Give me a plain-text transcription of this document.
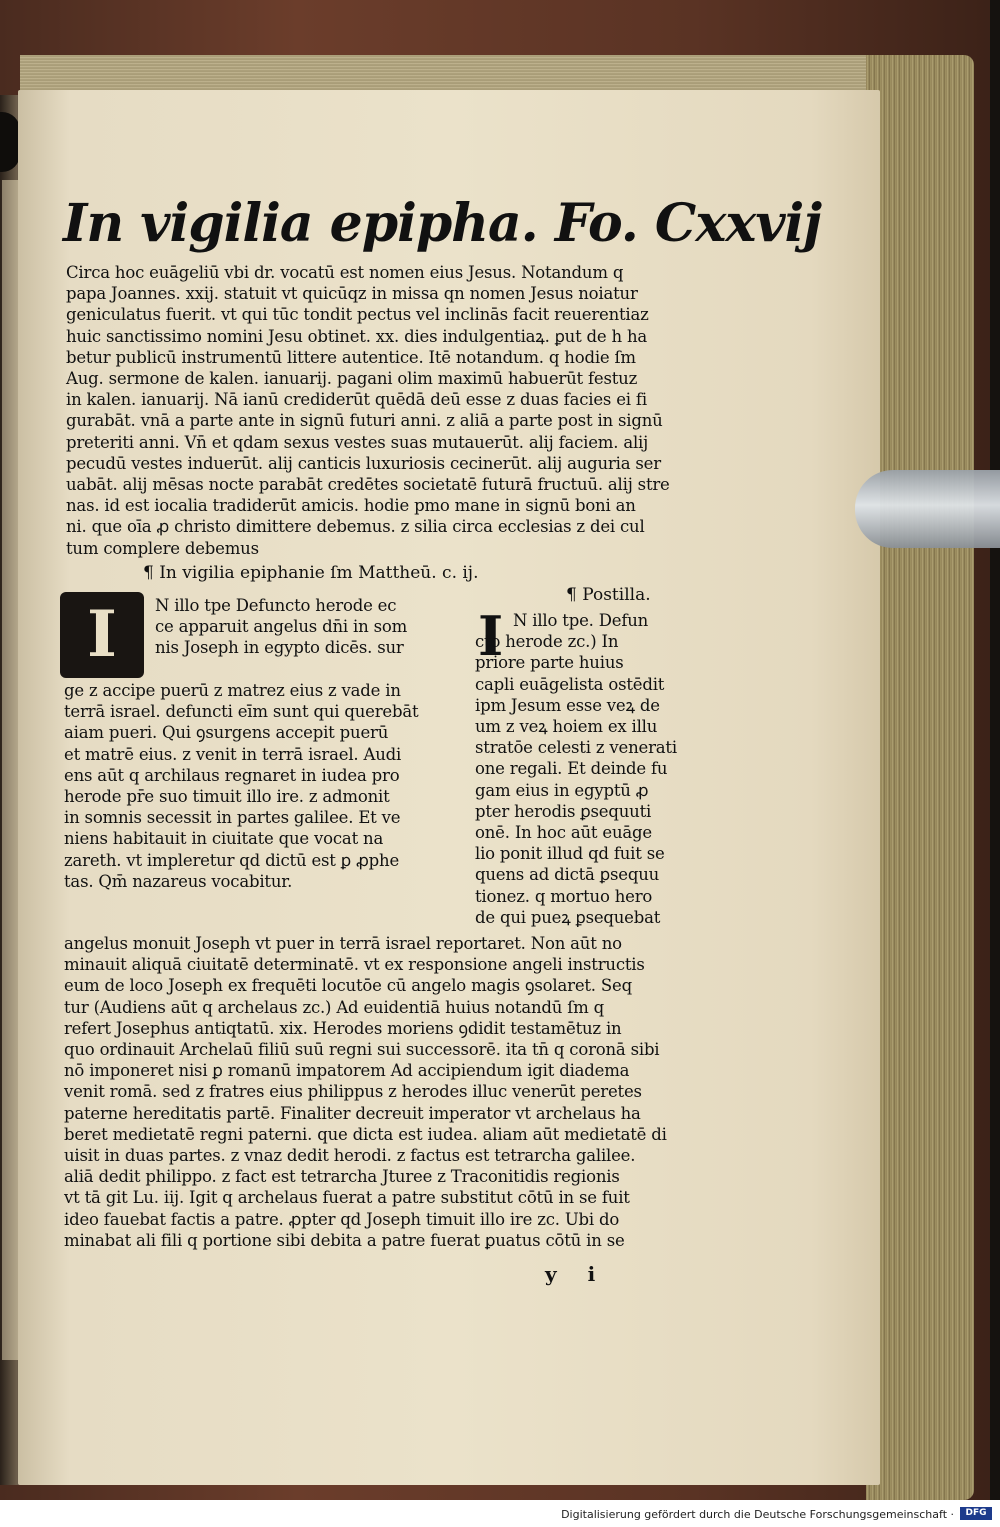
In vigilia epipha. Fo. Cxxvij
Circa hoc euāgeliū vbi dr. vocatū est nomen eius Jesus. Notandum q
papa Joannes. xxij. statuit vt quicūqz in missa qn nomen Jesus noiatur
geniculatus fuerit. vt qui tūc tondit pectus vel inclinās facit reuerentiaz
huic sanctissimo nomini Jesu obtinet. xx. dies indulgentiaꝝ. ꝑut de h ha
betur publicū instrumentū littere autentice. Itē notandum. q hodie ſm
Aug. sermone de kalen. ianuarij. pagani olim maximū habuerūt festuz
in kalen. ianuarij. Nā ianū crediderūt quēdā deū esse z duas facies ei fi
gurabāt. vnā a parte ante in signū futuri anni. z aliā a parte post in signū
preteriti anni. Vn̄ et qdam sexus vestes suas mutauerūt. alij faciem. alij
pecudū vestes induerūt. alij canticis luxuriosis cecinerūt. alij auguria ser
uabāt. alij mēsas nocte parabāt credētes societatē futurā fructuū. alij stre
nas. id est iocalia tradiderūt amicis. hodie pmo mane in signū boni an
ni. que oīa ꝓ christo dimittere debemus. z silia circa ecclesias z dei cul
tum complere debemus
¶ In vigilia epiphanie ſm Mattheū. c. ij.
¶ Postilla.
I	N illo tpe Defuncto herode ec
ce apparuit angelus dn̄i in som
nis Joseph in egypto dicēs. sur
ge z accipe puerū z matrez eius z vade in
terrā israel. defuncti eīm sunt qui querebāt
aiam pueri. Qui ꝯsurgens accepit puerū
et matrē eius. z venit in terrā israel. Audi
ens aūt q archilaus regnaret in iudea pro
herode pr̄e suo timuit illo ire. z admonit
in somnis secessit in partes galilee. Et ve
niens habitauit in ciuitate que vocat na
zareth. vt impleretur qd dictū est ꝑ ꝓphe
tas. Qm̄ nazareus vocabitur.
I N illo tpe. Defun
cto herode zc.) In
priore parte huius
capli euāgelista ostēdit
ipm Jesum esse veꝝ de
um z veꝝ hoiem ex illu
stratōe celesti z venerati
one regali. Et deinde fu
gam eius in egyptū ꝓ
pter herodis ꝑsequuti
onē. In hoc aūt euāge
lio ponit illud qd fuit se
quens ad dictā ꝑsequu
tionez. q mortuo hero
de qui pueꝝ ꝑsequebat
angelus monuit Joseph vt puer in terrā israel reportaret. Non aūt no
minauit aliquā ciuitatē determinatē. vt ex responsione angeli instructis
eum de loco Joseph ex frequēti locutōe cū angelo magis ꝯsolaret. Seq
tur (Audiens aūt q archelaus zc.) Ad euidentiā huius notandū ſm q
refert Josephus antiqtatū. xix. Herodes moriens ꝯdidit testamētuz in
quo ordinauit Archelaū filiū suū regni sui successorē. ita tn̄ q coronā sibi
nō imponeret nisi ꝑ romanū impatorem Ad accipiendum igit diadema
venit romā. sed z fratres eius philippus z herodes illuc venerūt peretes
paterne hereditatis partē. Finaliter decreuit imperator vt archelaus ha
beret medietatē regni paterni. que dicta est iudea. aliam aūt medietatē di
uisit in duas partes. z vnaz dedit herodi. z factus est tetrarcha galilee.
aliā dedit philippo. z fact est tetrarcha Jturee z Traconitidis regionis
vt tā git Lu. iij. Igit q archelaus fuerat a patre substitut cōtū in se fuit
ideo fauebat factis a patre. ꝓpter qd Joseph timuit illo ire zc. Ubi do
minabat ali fili q portione sibi debita a patre fuerat ꝑuatus cōtū in se
y i
Digitalisierung gefördert durch die Deutsche Forschungsgemeinschaft ·	DFG
